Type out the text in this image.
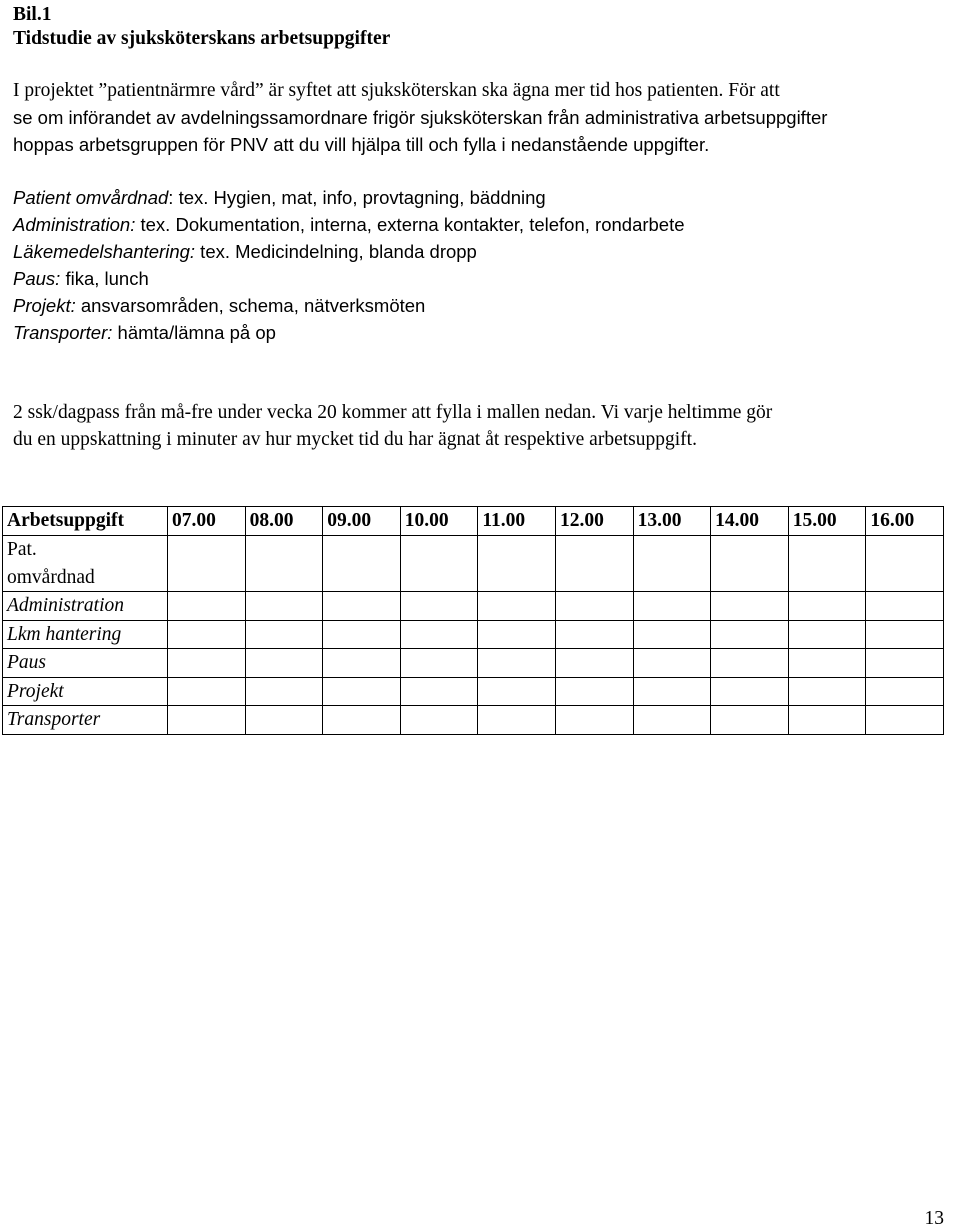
Bil.1
Tidstudie av sjuksköterskans arbetsuppgifter
I projektet ”patientnärmre vård” är syftet att sjuksköterskan ska ägna mer tid hos patienten. För att
se om införandet av avdelningssamordnare frigör sjuksköterskan från administrativa arbetsuppgifter
hoppas arbetsgruppen för PNV att du vill hjälpa till och fylla i nedanstående uppgifter.
Patient omvårdnad: tex. Hygien, mat, info, provtagning, bäddning
Administration: tex. Dokumentation, interna, externa kontakter, telefon, rondarbete
Läkemedelshantering: tex. Medicindelning, blanda dropp
Paus: fika, lunch
Projekt: ansvarsområden, schema, nätverksmöten
Transporter: hämta/lämna på op
2 ssk/dagpass från må-fre under vecka 20 kommer att fylla i mallen nedan. Vi varje heltimme gör
du en uppskattning i minuter av hur mycket tid du har ägnat åt respektive arbetsuppgift.
Arbetsuppgift	07.00	08.00	09.00	10.00	11.00	12.00	13.00	14.00	15.00	16.00
Pat.
omvårdnad										
Administration										
Lkm hantering										
Paus										
Projekt										
Transporter										
13
